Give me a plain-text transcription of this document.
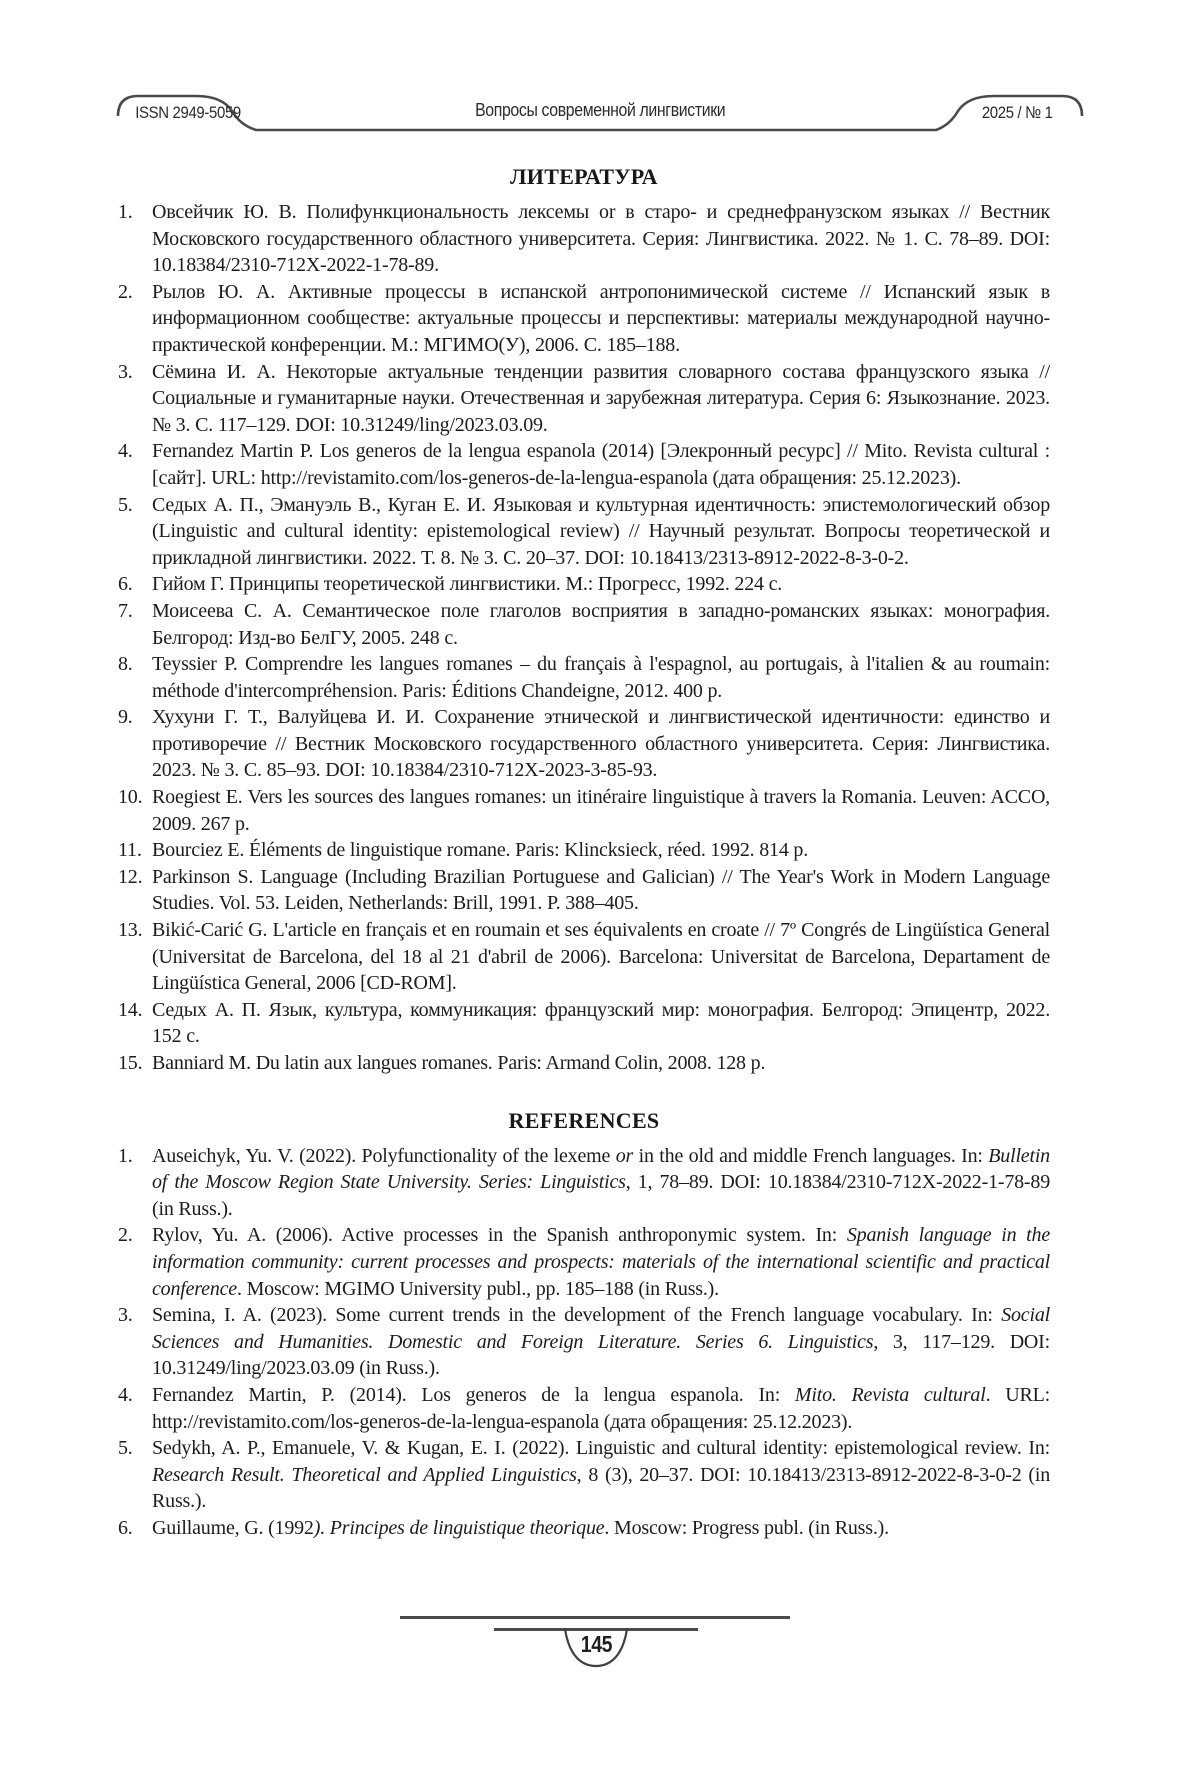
ISSN 2949-5059	Вопросы современной лингвистики	2025 / № 1
ЛИТЕРАТУРА
1. Овсейчик Ю. В. Полифункциональность лексемы or в старо- и среднефранузском языках // Вестник Московского государственного областного университета. Серия: Лингвистика. 2022. № 1. С. 78–89. DOI: 10.18384/2310-712X-2022-1-78-89.
2. Рылов Ю. А. Активные процессы в испанской антропонимической системе // Испанский язык в информационном сообществе: актуальные процессы и перспективы: материалы международной научно-практической конференции. М.: МГИМО(У), 2006. С. 185–188.
3. Сёмина И. А. Некоторые актуальные тенденции развития словарного состава французского языка // Социальные и гуманитарные науки. Отечественная и зарубежная литература. Серия 6: Языкознание. 2023. № 3. С. 117–129. DOI: 10.31249/ling/2023.03.09.
4. Fernandez Martin P. Los generos de la lengua espanola (2014) [Элекронный ресурс] // Mito. Revista cultural : [сайт]. URL: http://revistamito.com/los-generos-de-la-lengua-espanola (дата обращения: 25.12.2023).
5. Седых А. П., Эмануэль В., Куган Е. И. Языковая и культурная идентичность: эпистемологический обзор (Linguistic and cultural identity: epistemological review) // Научный результат. Вопросы теоретической и прикладной лингвистики. 2022. Т. 8. № 3. С. 20–37. DOI: 10.18413/2313-8912-2022-8-3-0-2.
6. Гийом Г. Принципы теоретической лингвистики. М.: Прогресс, 1992. 224 с.
7. Моисеева С. А. Семантическое поле глаголов восприятия в западно-романских языках: монография. Белгород: Изд-во БелГУ, 2005. 248 с.
8. Teyssier P. Comprendre les langues romanes – du français à l'espagnol, au portugais, à l'italien & au roumain: méthode d'intercompréhension. Paris: Éditions Chandeigne, 2012. 400 p.
9. Хухуни Г. Т., Валуйцева И. И. Сохранение этнической и лингвистической идентичности: единство и противоречие // Вестник Московского государственного областного университета. Серия: Лингвистика. 2023. № 3. С. 85–93. DOI: 10.18384/2310-712X-2023-3-85-93.
10. Roegiest E. Vers les sources des langues romanes: un itinéraire linguistique à travers la Romania. Leuven: ACCO, 2009. 267 p.
11. Bourciez E. Éléments de linguistique romane. Paris: Klincksieck, réed. 1992. 814 p.
12. Parkinson S. Language (Including Brazilian Portuguese and Galician) // The Year's Work in Modern Language Studies. Vol. 53. Leiden, Netherlands: Brill, 1991. P. 388–405.
13. Bikić-Carić G. L'article en français et en roumain et ses équivalents en croate // 7º Congrés de Lingüística General (Universitat de Barcelona, del 18 al 21 d'abril de 2006). Barcelona: Universitat de Barcelona, Departament de Lingüística General, 2006 [CD-ROM].
14. Седых А. П. Язык, культура, коммуникация: французский мир: монография. Белгород: Эпицентр, 2022. 152 с.
15. Banniard M. Du latin aux langues romanes. Paris: Armand Colin, 2008. 128 p.
REFERENCES
1. Auseichyk, Yu. V. (2022). Polyfunctionality of the lexeme or in the old and middle French languages. In: Bulletin of the Moscow Region State University. Series: Linguistics, 1, 78–89. DOI: 10.18384/2310-712X-2022-1-78-89 (in Russ.).
2. Rylov, Yu. A. (2006). Active processes in the Spanish anthroponymic system. In: Spanish language in the information community: current processes and prospects: materials of the international scientific and practical conference. Moscow: MGIMO University publ., pp. 185–188 (in Russ.).
3. Semina, I. A. (2023). Some current trends in the development of the French language vocabulary. In: Social Sciences and Humanities. Domestic and Foreign Literature. Series 6. Linguistics, 3, 117–129. DOI: 10.31249/ling/2023.03.09 (in Russ.).
4. Fernandez Martin, P. (2014). Los generos de la lengua espanola. In: Mito. Revista cultural. URL: http://revistamito.com/los-generos-de-la-lengua-espanola (дата обращения: 25.12.2023).
5. Sedykh, A. P., Emanuele, V. & Kugan, E. I. (2022). Linguistic and cultural identity: epistemological review. In: Research Result. Theoretical and Applied Linguistics, 8 (3), 20–37. DOI: 10.18413/2313-8912-2022-8-3-0-2 (in Russ.).
6. Guillaume, G. (1992). Principes de linguistique theorique. Moscow: Progress publ. (in Russ.).
145
